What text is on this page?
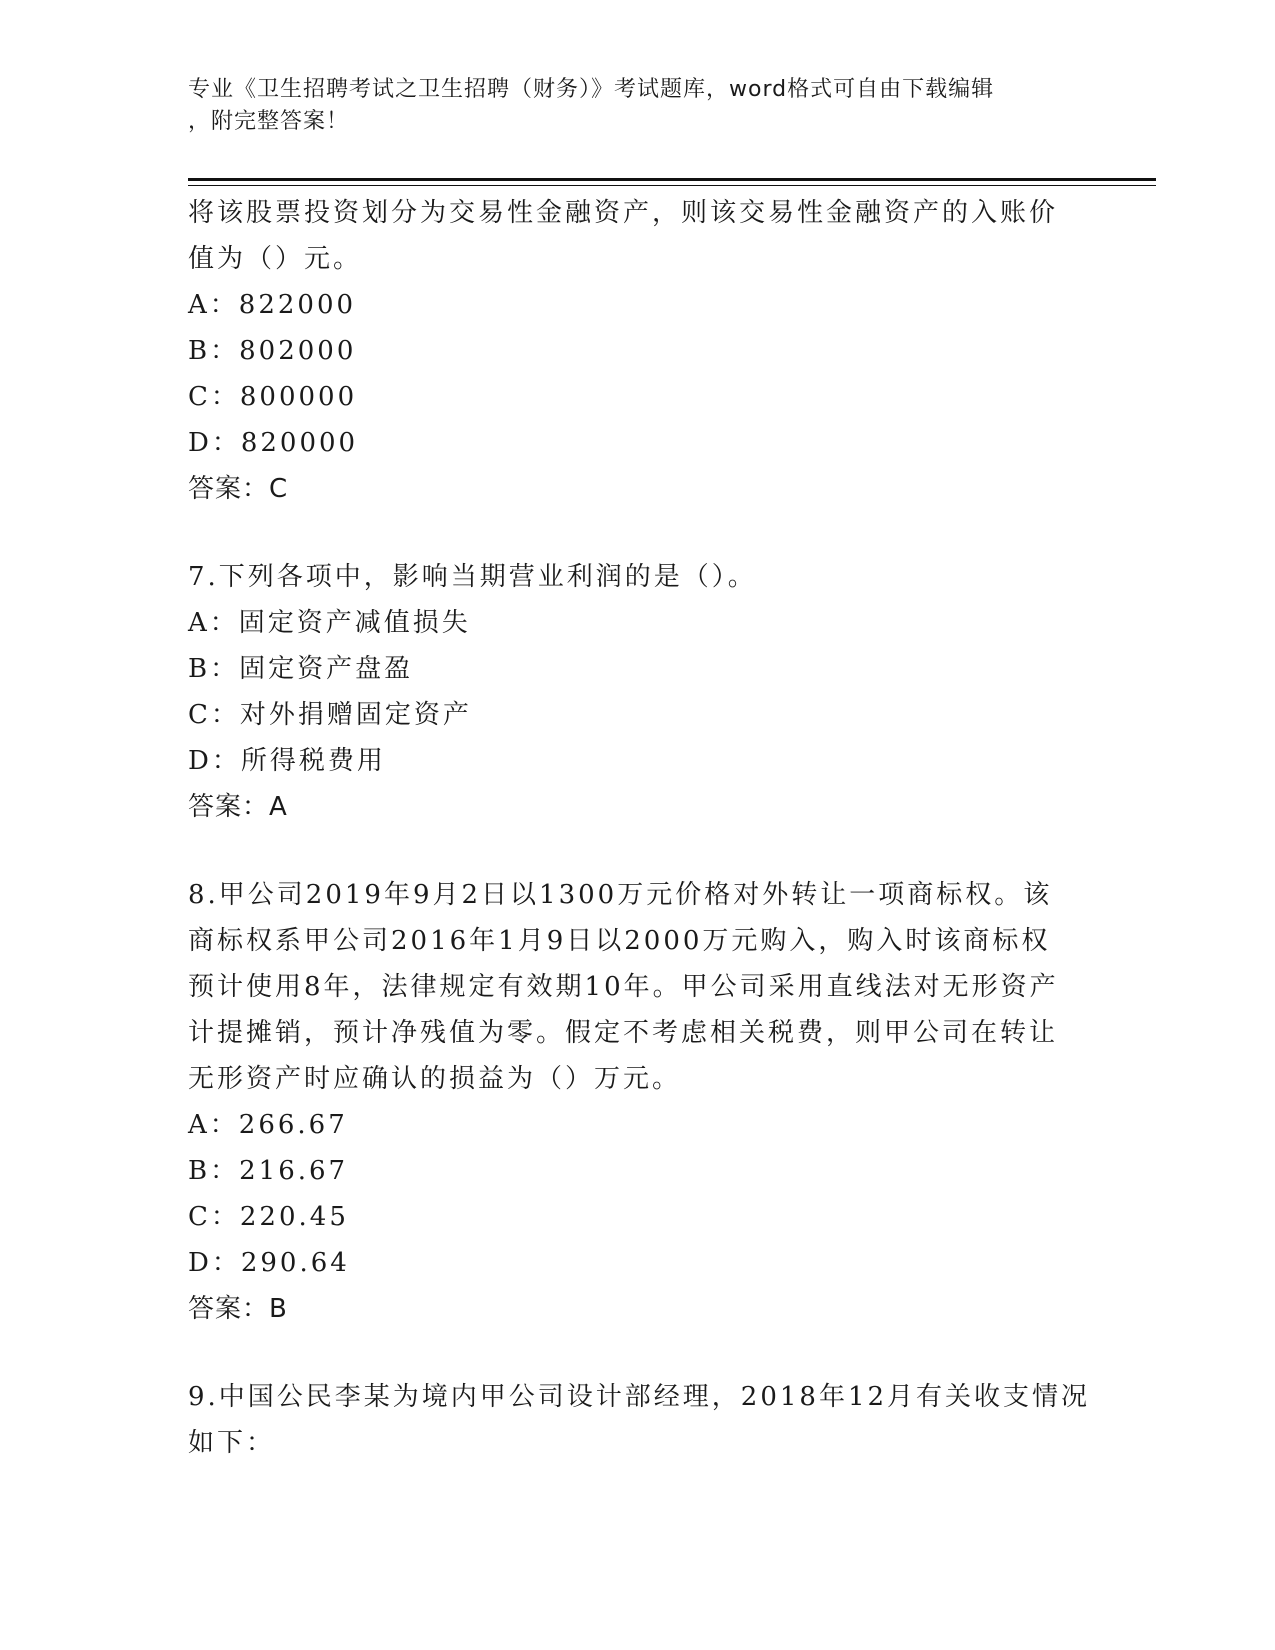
专业《卫生招聘考试之卫生招聘（财务）》考试题库，word格式可自由下载编辑
，附完整答案！
将该股票投资划分为交易性金融资产，则该交易性金融资产的入账价
值为（）元。
A：822000
B：802000
C：800000
D：820000
答案：C
7.下列各项中，影响当期营业利润的是（）。
A：固定资产减值损失
B：固定资产盘盈
C：对外捐赠固定资产
D：所得税费用
答案：A
8.甲公司2019年9月2日以1300万元价格对外转让一项商标权。该
商标权系甲公司2016年1月9日以2000万元购入，购入时该商标权
预计使用8年，法律规定有效期10年。甲公司采用直线法对无形资产
计提摊销，预计净残值为零。假定不考虑相关税费，则甲公司在转让
无形资产时应确认的损益为（）万元。
A：266.67
B：216.67
C：220.45
D：290.64
答案：B
9.中国公民李某为境内甲公司设计部经理，2018年12月有关收支情况
如下：
